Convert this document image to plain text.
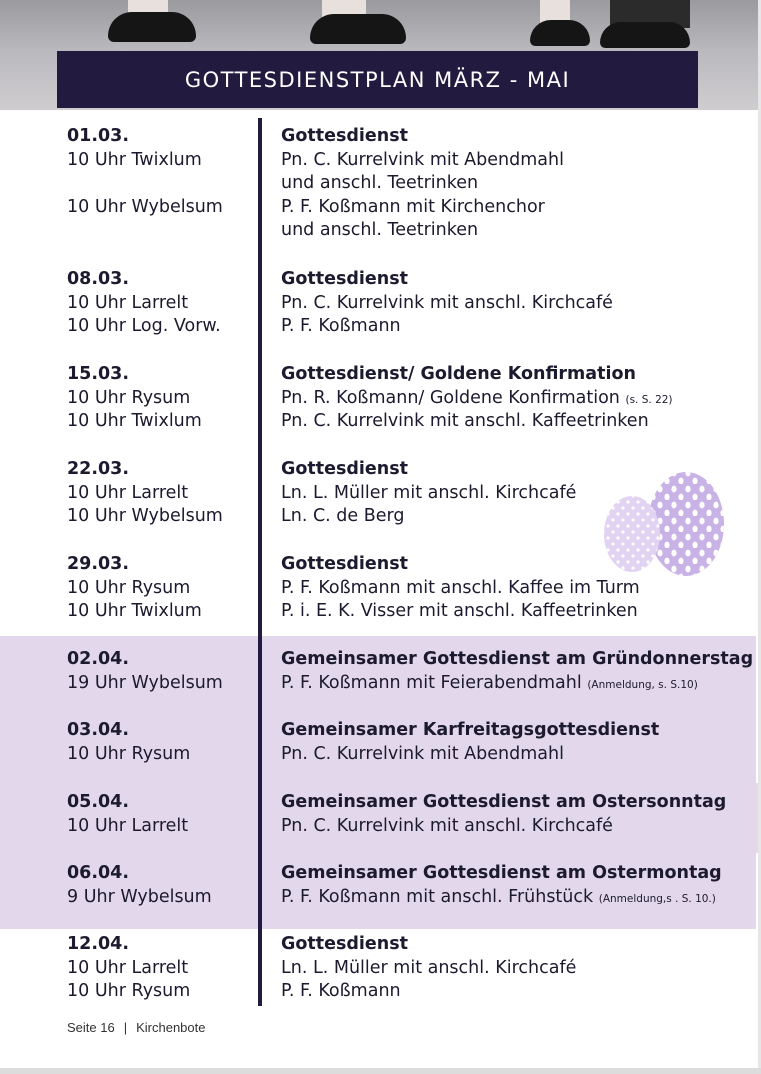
GOTTESDIENSTPLAN MÄRZ - MAI
01.03.
10 Uhr Twixlum
10 Uhr Wybelsum
Gottesdienst
Pn. C. Kurrelvink mit Abendmahl
und anschl. Teetrinken
P. F. Koßmann mit Kirchenchor
und anschl. Teetrinken
08.03.
10 Uhr Larrelt
10 Uhr Log. Vorw.
Gottesdienst
Pn. C. Kurrelvink mit anschl. Kirchcafé
P. F. Koßmann
15.03.
10 Uhr Rysum
10 Uhr Twixlum
Gottesdienst/ Goldene Konfirmation
Pn. R. Koßmann/ Goldene Konfirmation (s. S. 22)
Pn. C. Kurrelvink mit anschl. Kaffeetrinken
22.03.
10 Uhr Larrelt
10 Uhr Wybelsum
Gottesdienst
Ln. L. Müller mit anschl. Kirchcafé
Ln. C. de Berg
29.03.
10 Uhr Rysum
10 Uhr Twixlum
Gottesdienst
P. F. Koßmann mit anschl. Kaffee im Turm
P. i. E. K. Visser mit anschl. Kaffeetrinken
02.04.
19 Uhr Wybelsum
Gemeinsamer Gottesdienst am Gründonnerstag
P. F. Koßmann mit Feierabendmahl (Anmeldung, s. S.10)
03.04.
10 Uhr Rysum
Gemeinsamer Karfreitagsgottesdienst
Pn. C. Kurrelvink mit Abendmahl
05.04.
10 Uhr Larrelt
Gemeinsamer Gottesdienst am Ostersonntag
Pn. C. Kurrelvink mit anschl. Kirchcafé
06.04.
9 Uhr Wybelsum
Gemeinsamer Gottesdienst am Ostermontag
P. F. Koßmann mit anschl. Frühstück (Anmeldung,s . S. 10.)
12.04.
10 Uhr Larrelt
10 Uhr Rysum
Gottesdienst
Ln. L. Müller mit anschl. Kirchcafé
P. F. Koßmann
Seite 16 | Kirchenbote
